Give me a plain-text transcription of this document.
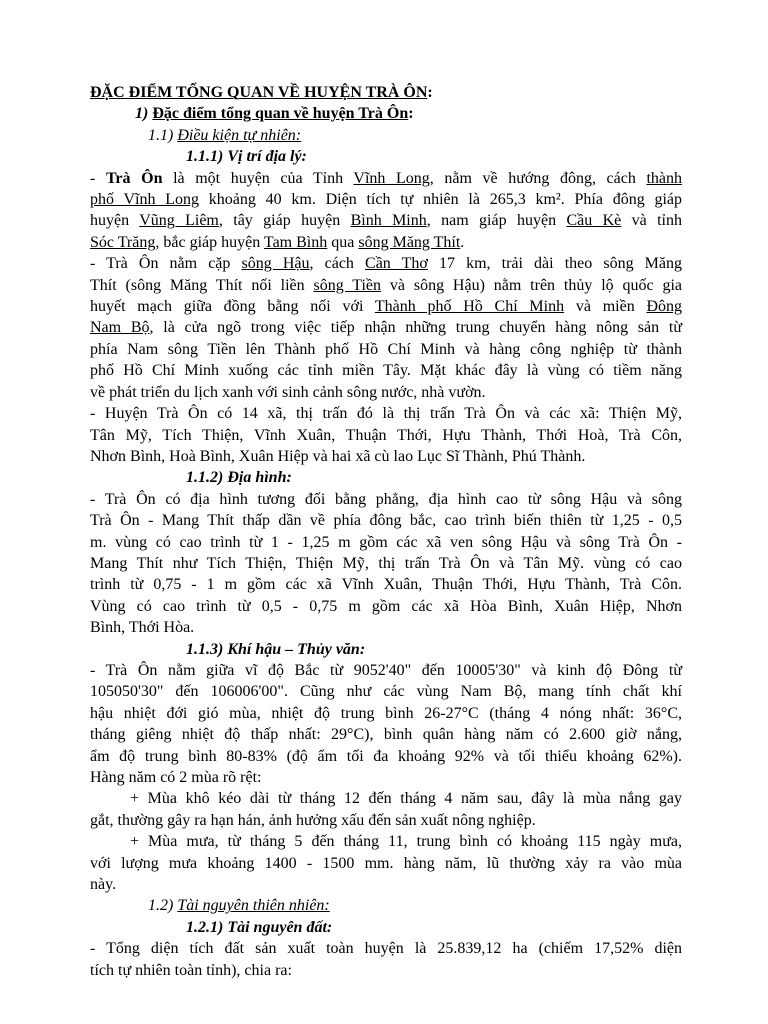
ĐẶC ĐIỂM TỔNG QUAN VỀ HUYỆN TRÀ ÔN:
1) Đặc điểm tổng quan về huyện Trà Ôn:
1.1) Điều kiện tự nhiên:
1.1.1) Vị trí địa lý:
- Trà Ôn là một huyện của Tỉnh Vĩnh Long, nằm về hướng đông, cách thành
phố Vĩnh Long khoảng 40 km. Diện tích tự nhiên là 265,3 km². Phía đông giáp
huyện Vũng Liêm, tây giáp huyện Bình Minh, nam giáp huyện Cầu Kè và tỉnh
Sóc Trăng, bắc giáp huyện Tam Bình qua sông Măng Thít.
- Trà Ôn nằm cặp sông Hậu, cách Cần Thơ 17 km, trải dài theo sông Măng
Thít (sông Măng Thít nối liền sông Tiền và sông Hậu) nằm trên thủy lộ quốc gia
huyết mạch giữa đồng bằng nối với Thành phố Hồ Chí Minh và miền Đông
Nam Bộ, là cửa ngõ trong việc tiếp nhận những trung chuyển hàng nông sản từ
phía Nam sông Tiền lên Thành phố Hồ Chí Minh và hàng công nghiệp từ thành
phố Hồ Chí Minh xuống các tỉnh miền Tây. Mặt khác đây là vùng có tiềm năng
về phát triển du lịch xanh với sinh cảnh sông nước, nhà vườn.
- Huyện Trà Ôn có 14 xã, thị trấn đó là thị trấn Trà Ôn và các xã: Thiện Mỹ,
Tân Mỹ, Tích Thiện, Vĩnh Xuân, Thuận Thới, Hựu Thành, Thới Hoà, Trà Côn,
Nhơn Bình, Hoà Bình, Xuân Hiệp và hai xã cù lao Lục Sĩ Thành, Phú Thành.
1.1.2) Địa hình:
- Trà Ôn có địa hình tương đối bằng phẳng, địa hình cao từ sông Hậu và sông
Trà Ôn - Mang Thít thấp dần về phía đông bắc, cao trình biến thiên từ 1,25 - 0,5
m. vùng có cao trình từ 1 - 1,25 m gồm các xã ven sông Hậu và sông Trà Ôn -
Mang Thít như Tích Thiện, Thiện Mỹ, thị trấn Trà Ôn và Tân Mỹ. vùng có cao
trình từ 0,75 - 1 m gồm các xã Vĩnh Xuân, Thuận Thới, Hựu Thành, Trà Côn.
Vùng có cao trình từ 0,5 - 0,75 m gồm các xã Hòa Bình, Xuân Hiệp, Nhơn
Bình, Thới Hòa.
1.1.3) Khí hậu – Thủy văn:
- Trà Ôn nằm giữa vĩ độ Bắc từ 9052'40" đến 10005'30" và kinh độ Đông từ
105050'30" đến 106006'00". Cũng như các vùng Nam Bộ, mang tính chất khí
hậu nhiệt đới gió mùa, nhiệt độ trung bình 26-27°C (tháng 4 nóng nhất: 36°C,
tháng giêng nhiệt độ thấp nhất: 29°C), bình quân hàng năm có 2.600 giờ nắng,
ẩm độ trung bình 80-83% (độ ẩm tối đa khoảng 92% và tối thiểu khoảng 62%).
Hàng năm có 2 mùa rõ rệt:
+ Mùa khô kéo dài từ tháng 12 đến tháng 4 năm sau, đây là mùa nắng gay
gắt, thường gây ra hạn hán, ảnh hưởng xấu đến sản xuất nông nghiệp.
+ Mùa mưa, từ tháng 5 đến tháng 11, trung bình có khoảng 115 ngày mưa,
với lượng mưa khoảng 1400 - 1500 mm. hàng năm, lũ thường xảy ra vào mùa
này.
1.2) Tài nguyên thiên nhiên:
1.2.1) Tài nguyên đất:
- Tổng diện tích đất sản xuất toàn huyện là 25.839,12 ha (chiếm 17,52% diện
tích tự nhiên toàn tỉnh), chia ra:
